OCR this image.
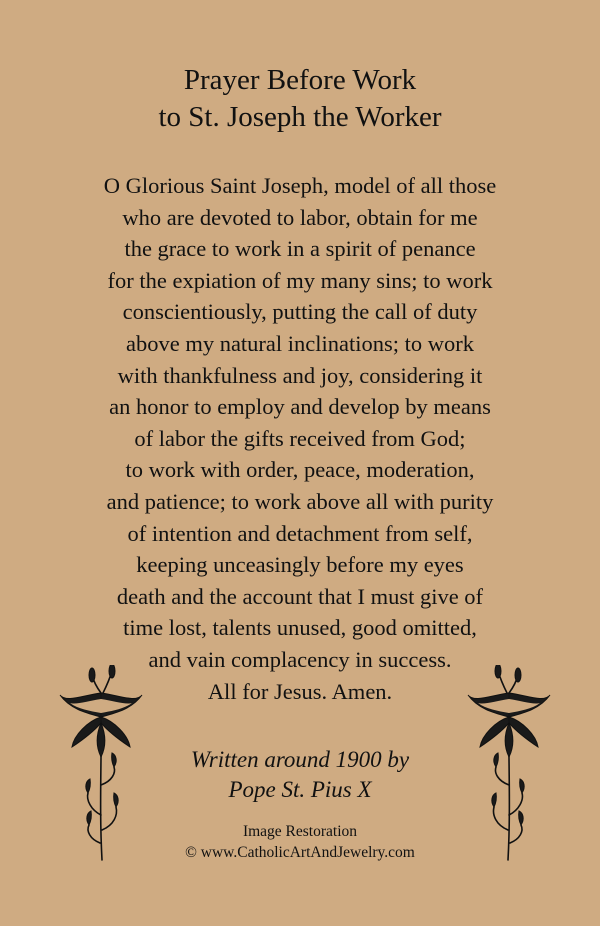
Prayer Before Work
to St. Joseph the Worker
O Glorious Saint Joseph, model of all those
who are devoted to labor, obtain for me
the grace to work in a spirit of penance
for the expiation of my many sins; to work
conscientiously, putting the call of duty
above my natural inclinations; to work
with thankfulness and joy, considering it
an honor to employ and develop by means
of labor the gifts received from God;
to work with order, peace, moderation,
and patience; to work above all with purity
of intention and detachment from self,
keeping unceasingly before my eyes
death and the account that I must give of
time lost, talents unused, good omitted,
and vain complacency in success.
All for Jesus. Amen.
Written around 1900 by
Pope St. Pius X
Image Restoration
© www.CatholicArtAndJewelry.com
